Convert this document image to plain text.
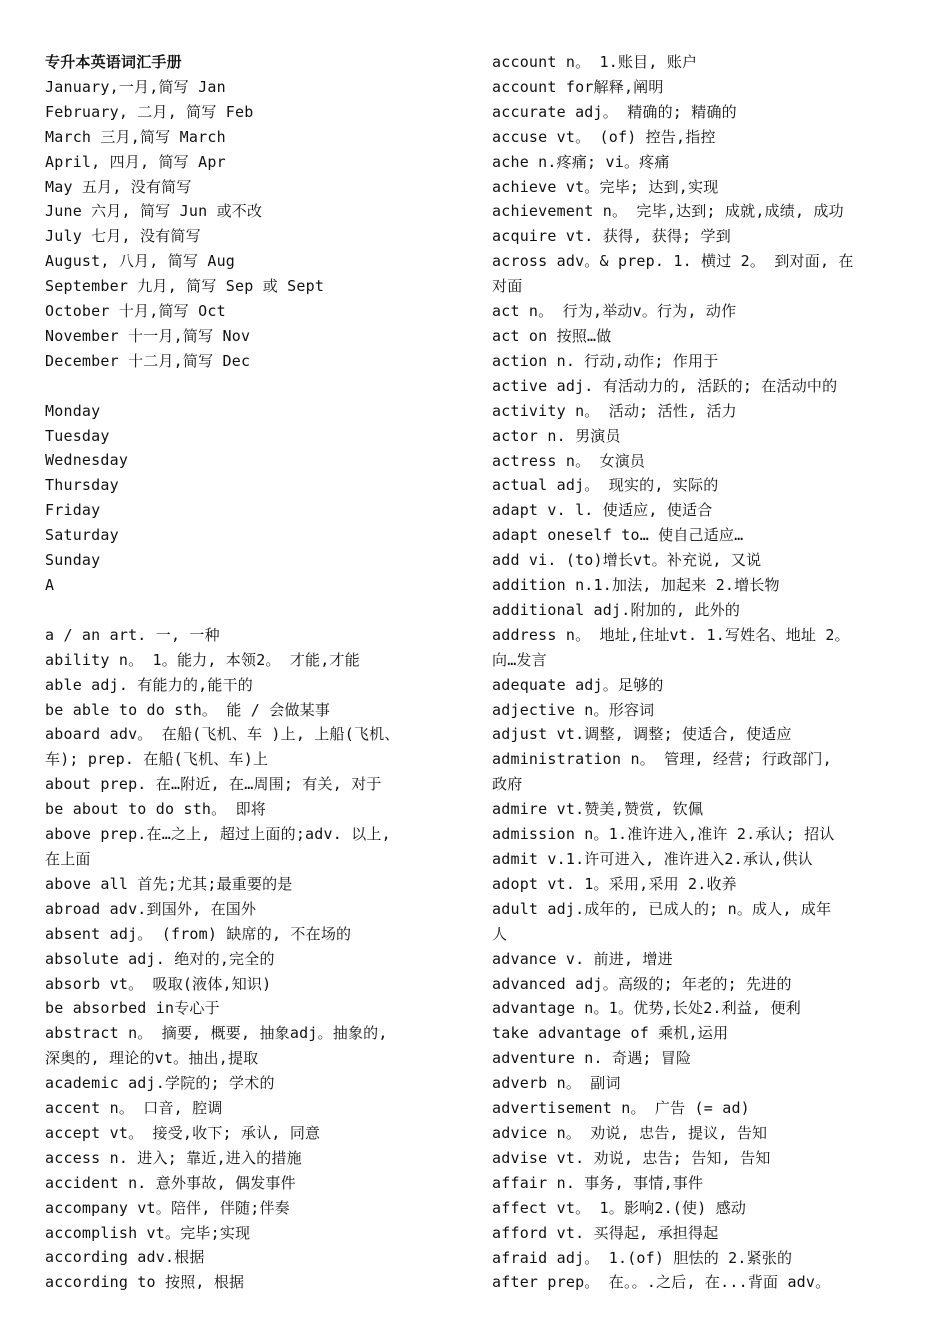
专升本英语词汇手册
January,一月,简写 Jan
February, 二月, 简写 Feb
March 三月,简写 March
April, 四月, 简写 Apr
May 五月, 没有简写
June 六月, 简写 Jun 或不改
July 七月, 没有简写
August, 八月, 简写 Aug
September 九月, 简写 Sep 或 Sept
October 十月,简写 Oct
November 十一月,简写 Nov
December 十二月,简写 Dec
Monday
Tuesday
Wednesday
Thursday
Friday
Saturday
Sunday
A
a / an art. 一, 一种
ability n。 1。能力, 本领2。 才能,才能
able adj. 有能力的,能干的
be able to do sth。 能 / 会做某事
aboard adv。 在船(飞机、车 )上, 上船(飞机、
车); prep. 在船(飞机、车)上
about prep. 在…附近, 在…周围; 有关, 对于
be about to do sth。 即将
above prep.在…之上, 超过上面的;adv. 以上,
在上面
above all 首先;尤其;最重要的是
abroad adv.到国外, 在国外
absent adj。 (from) 缺席的, 不在场的
absolute adj. 绝对的,完全的
absorb vt。 吸取(液体,知识)
be absorbed in专心于
abstract n。 摘要, 概要, 抽象adj。抽象的,
深奥的, 理论的vt。抽出,提取
academic adj.学院的; 学术的
accent n。 口音, 腔调
accept vt。 接受,收下; 承认, 同意
access n. 进入; 靠近,进入的措施
accident n. 意外事故, 偶发事件
accompany vt。陪伴, 伴随;伴奏
accomplish vt。完毕;实现
according adv.根据
according to 按照, 根据
account n。 1.账目, 账户
account for解释,阐明
accurate adj。 精确的; 精确的
accuse vt。 (of) 控告,指控
ache n.疼痛; vi。疼痛
achieve vt。完毕; 达到,实现
achievement n。 完毕,达到; 成就,成绩, 成功
acquire vt. 获得, 获得; 学到
across adv。& prep. 1. 横过 2。 到对面, 在
对面
act n。 行为,举动v。行为, 动作
act on 按照…做
action n. 行动,动作; 作用于
active adj. 有活动力的, 活跃的; 在活动中的
activity n。 活动; 活性, 活力
actor n. 男演员
actress n。 女演员
actual adj。 现实的, 实际的
adapt v. l. 使适应, 使适合
adapt oneself to… 使自己适应…
add vi. (to)增长vt。补充说, 又说
addition n.1.加法, 加起来 2.增长物
additional adj.附加的, 此外的
address n。 地址,住址vt. 1.写姓名、地址 2。
向…发言
adequate adj。足够的
adjective n。形容词
adjust vt.调整, 调整; 使适合, 使适应
administration n。 管理, 经营; 行政部门,
政府
admire vt.赞美,赞赏, 钦佩
admission n。1.准许进入,准许 2.承认; 招认
admit v.1.许可进入, 准许进入2.承认,供认
adopt vt. 1。采用,采用 2.收养
adult adj.成年的, 已成人的; n。成人, 成年
人
advance v. 前进, 增进
advanced adj。高级的; 年老的; 先进的
advantage n。1。优势,长处2.利益, 便利
take advantage of 乘机,运用
adventure n. 奇遇; 冒险
adverb n。 副词
advertisement n。 广告 (= ad)
advice n。 劝说, 忠告, 提议, 告知
advise vt. 劝说, 忠告; 告知, 告知
affair n. 事务, 事情,事件
affect vt。 1。影响2.(使) 感动
afford vt. 买得起, 承担得起
afraid adj。 1.(of) 胆怯的 2.紧张的
after prep。 在。。.之后, 在...背面 adv。
